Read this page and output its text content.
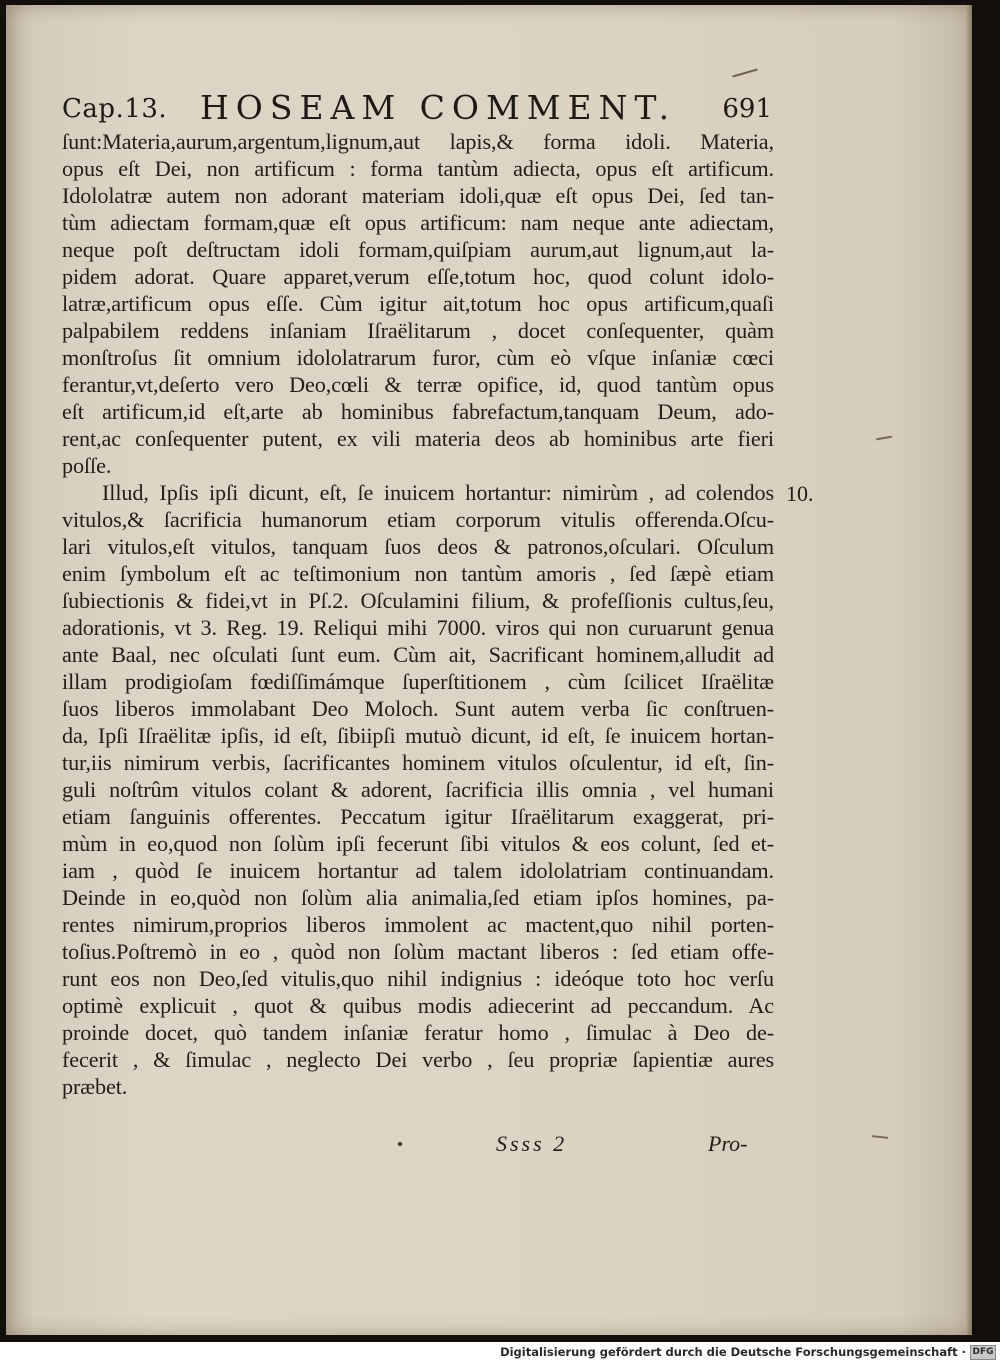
Cap.13. HOSEAM COMMENT. 691
ſunt:Materia,aurum,argentum,lignum,aut lapis,& forma idoli. Materia,
opus eſt Dei, non artificum : forma tantùm adiecta, opus eſt artificum.
Idololatræ autem non adorant materiam idoli,quæ eſt opus Dei, ſed tan-
tùm adiectam formam,quæ eſt opus artificum: nam neque ante adiectam,
neque poſt deſtructam idoli formam,quiſpiam aurum,aut lignum,aut la-
pidem adorat. Quare apparet,verum eſſe,totum hoc, quod colunt idolo-
latræ,artificum opus eſſe. Cùm igitur ait,totum hoc opus artificum,quaſi
palpabilem reddens inſaniam Iſraëlitarum , docet conſequenter, quàm
monſtroſus ſit omnium idololatrarum furor, cùm eò vſque inſaniæ cœci
ferantur,vt,deſerto vero Deo,cœli & terræ opifice, id, quod tantùm opus
eſt artificum,id eſt,arte ab hominibus fabrefactum,tanquam Deum, ado-
rent,ac conſequenter putent, ex vili materia deos ab hominibus arte fieri
poſſe.
Illud, Ipſis ipſi dicunt, eſt, ſe inuicem hortantur: nimirùm , ad colendos
vitulos,& ſacrificia humanorum etiam corporum vitulis offerenda.Oſcu-
lari vitulos,eſt vitulos, tanquam ſuos deos & patronos,oſculari. Oſculum
enim ſymbolum eſt ac teſtimonium non tantùm amoris , ſed ſæpè etiam
ſubiectionis & fidei,vt in Pſ.2. Oſculamini filium, & profeſſionis cultus,ſeu,
adorationis, vt 3. Reg. 19. Reliqui mihi 7000. viros qui non curuarunt genua
ante Baal, nec oſculati ſunt eum. Cùm ait, Sacrificant hominem,alludit ad
illam prodigioſam fœdiſſimámque ſuperſtitionem , cùm ſcilicet Iſraëlitæ
ſuos liberos immolabant Deo Moloch. Sunt autem verba ſic conſtruen-
da, Ipſi Iſraëlitæ ipſis, id eſt, ſibiipſi mutuò dicunt, id eſt, ſe inuicem hortan-
tur,iis nimirum verbis, ſacrificantes hominem vitulos oſculentur, id eſt, ſin-
guli noſtrûm vitulos colant & adorent, ſacrificia illis omnia , vel humani
etiam ſanguinis offerentes. Peccatum igitur Iſraëlitarum exaggerat, pri-
mùm in eo,quod non ſolùm ipſi fecerunt ſibi vitulos & eos colunt, ſed et-
iam , quòd ſe inuicem hortantur ad talem idololatriam continuandam.
Deinde in eo,quòd non ſolùm alia animalia,ſed etiam ipſos homines, pa-
rentes nimirum,proprios liberos immolent ac mactent,quo nihil porten-
toſius.Poſtremò in eo , quòd non ſolùm mactant liberos : ſed etiam offe-
runt eos non Deo,ſed vitulis,quo nihil indignius : ideóque toto hoc verſu
optimè explicuit , quot & quibus modis adiecerint ad peccandum. Ac
proinde docet, quò tandem inſaniæ feratur homo , ſimulac à Deo de-
fecerit , & ſimulac , neglecto Dei verbo , ſeu propriæ ſapientiæ aures
præbet.
10.
Ssss 2	Pro-
Digitalisierung gefördert durch die Deutsche Forschungsgemeinschaft · DFG
